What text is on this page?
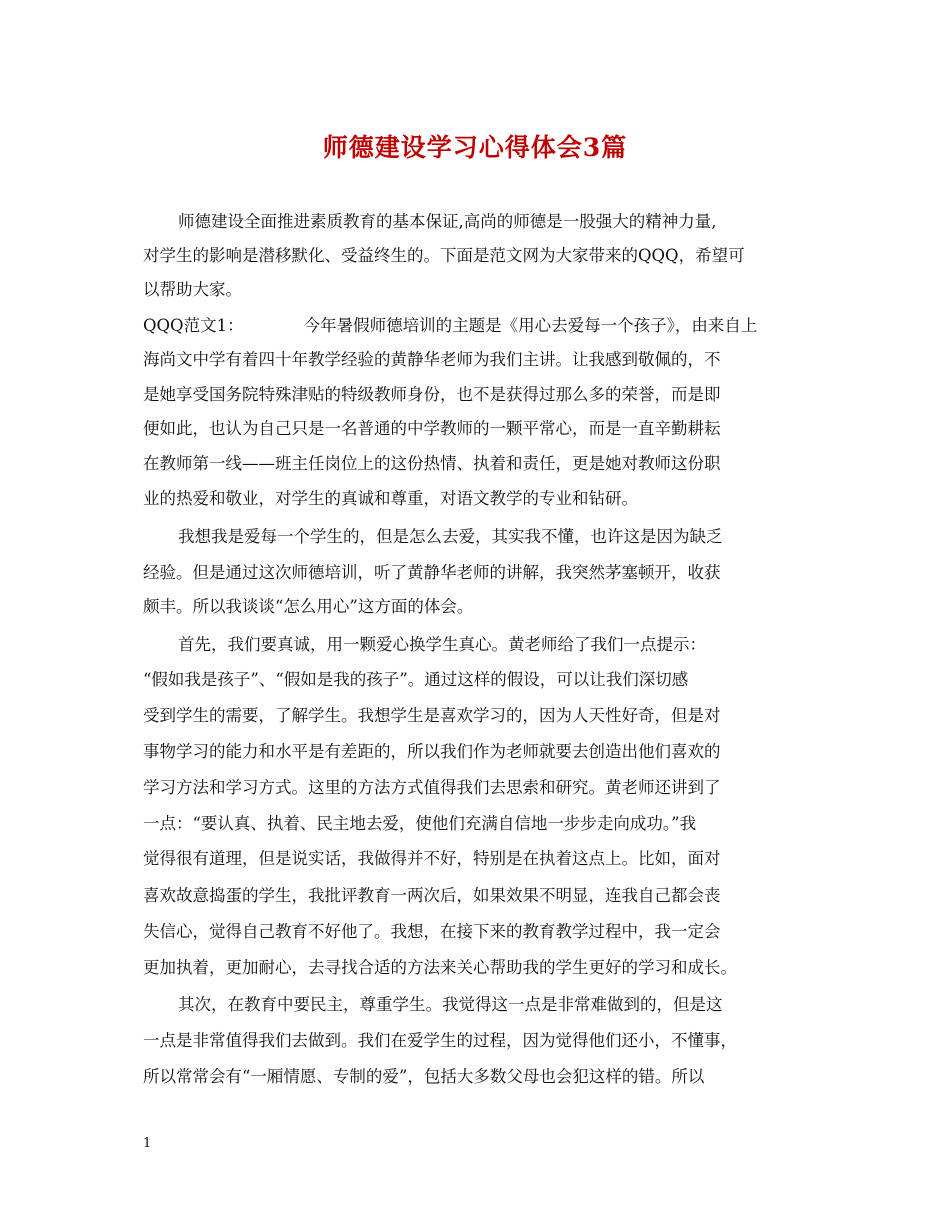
师德建设学习心得体会3篇

师德建设全面推进素质教育的基本保证,高尚的师德是一股强大的精神力量,

对学生的影响是潜移默化、受益终生的。下面是范文网为大家带来的QQQ，希望可

以帮助大家。

QQQ范文1：	今年暑假师德培训的主题是《用心去爱每一个孩子》，由来自上

海尚文中学有着四十年教学经验的黄静华老师为我们主讲。让我感到敬佩的，不

是她享受国务院特殊津贴的特级教师身份，也不是获得过那么多的荣誉，而是即

便如此，也认为自己只是一名普通的中学教师的一颗平常心，而是一直辛勤耕耘

在教师第一线——班主任岗位上的这份热情、执着和责任，更是她对教师这份职

业的热爱和敬业，对学生的真诚和尊重，对语文教学的专业和钻研。

我想我是爱每一个学生的，但是怎么去爱，其实我不懂，也许这是因为缺乏

经验。但是通过这次师德培训，听了黄静华老师的讲解，我突然茅塞顿开，收获

颇丰。所以我谈谈“怎么用心”这方面的体会。

首先，我们要真诚，用一颗爱心换学生真心。黄老师给了我们一点提示：

“假如我是孩子”、“假如是我的孩子”。通过这样的假设，可以让我们深切感

受到学生的需要，了解学生。我想学生是喜欢学习的，因为人天性好奇，但是对

事物学习的能力和水平是有差距的，所以我们作为老师就要去创造出他们喜欢的

学习方法和学习方式。这里的方法方式值得我们去思索和研究。黄老师还讲到了

一点：“要认真、执着、民主地去爱，使他们充满自信地一步步走向成功。”我

觉得很有道理，但是说实话，我做得并不好，特别是在执着这点上。比如，面对

喜欢故意捣蛋的学生，我批评教育一两次后，如果效果不明显，连我自己都会丧

失信心，觉得自己教育不好他了。我想，在接下来的教育教学过程中，我一定会

更加执着，更加耐心，去寻找合适的方法来关心帮助我的学生更好的学习和成长。

其次，在教育中要民主，尊重学生。我觉得这一点是非常难做到的，但是这

一点是非常值得我们去做到。我们在爱学生的过程，因为觉得他们还小，不懂事，

所以常常会有“一厢情愿、专制的爱”，包括大多数父母也会犯这样的错。所以

1
